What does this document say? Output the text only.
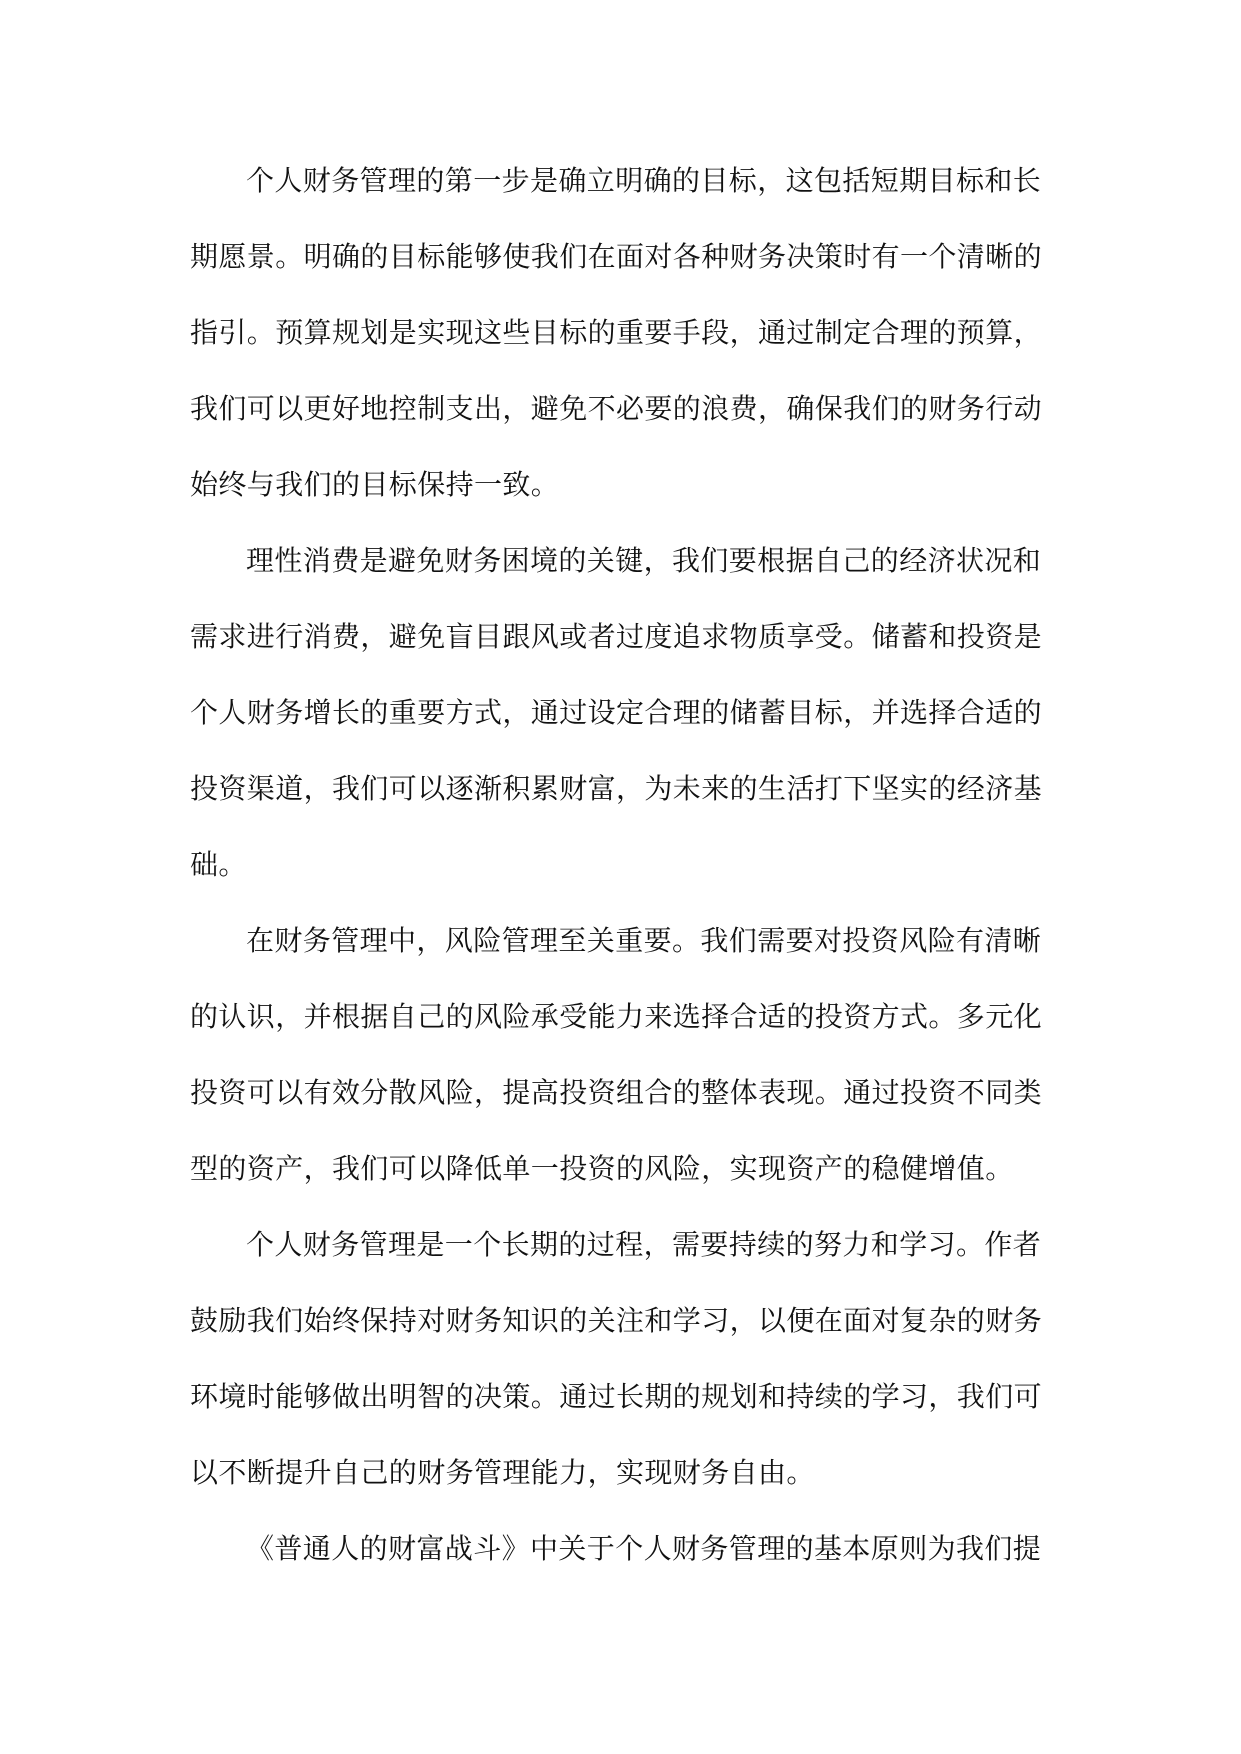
个人财务管理的第一步是确立明确的目标，这包括短期目标和长
期愿景。明确的目标能够使我们在面对各种财务决策时有一个清晰的
指引。预算规划是实现这些目标的重要手段，通过制定合理的预算，
我们可以更好地控制支出，避免不必要的浪费，确保我们的财务行动
始终与我们的目标保持一致。
理性消费是避免财务困境的关键，我们要根据自己的经济状况和
需求进行消费，避免盲目跟风或者过度追求物质享受。储蓄和投资是
个人财务增长的重要方式，通过设定合理的储蓄目标，并选择合适的
投资渠道，我们可以逐渐积累财富，为未来的生活打下坚实的经济基
础。
在财务管理中，风险管理至关重要。我们需要对投资风险有清晰
的认识，并根据自己的风险承受能力来选择合适的投资方式。多元化
投资可以有效分散风险，提高投资组合的整体表现。通过投资不同类
型的资产，我们可以降低单一投资的风险，实现资产的稳健增值。
个人财务管理是一个长期的过程，需要持续的努力和学习。作者
鼓励我们始终保持对财务知识的关注和学习，以便在面对复杂的财务
环境时能够做出明智的决策。通过长期的规划和持续的学习，我们可
以不断提升自己的财务管理能力，实现财务自由。
《普通人的财富战斗》中关于个人财务管理的基本原则为我们提
